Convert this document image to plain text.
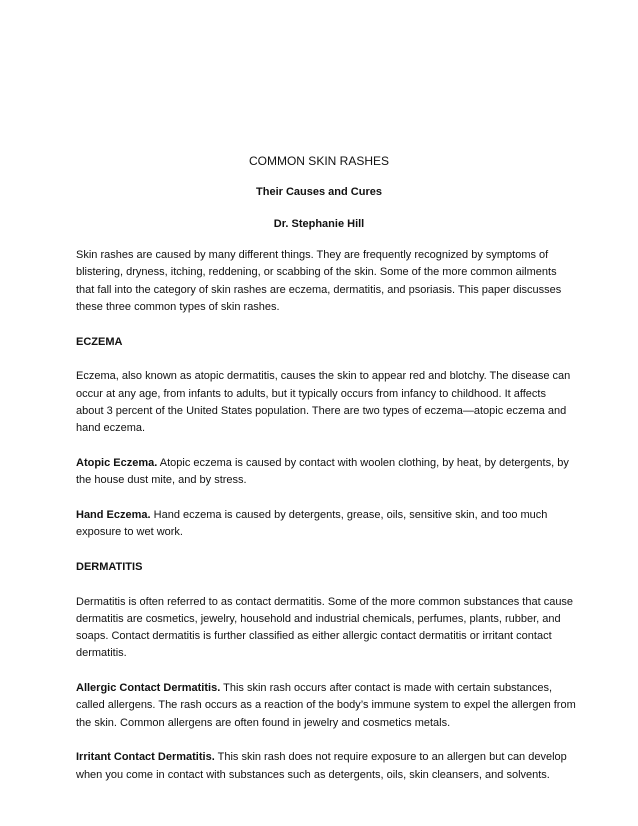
COMMON SKIN RASHES
Their Causes and Cures
Dr. Stephanie Hill

Skin rashes are caused by many different things. They are frequently recognized by symptoms of blistering, dryness, itching, reddening, or scabbing of the skin. Some of the more common ailments that fall into the category of skin rashes are eczema, dermatitis, and psoriasis. This paper discusses these three common types of skin rashes.

ECZEMA

Eczema, also known as atopic dermatitis, causes the skin to appear red and blotchy. The disease can occur at any age, from infants to adults, but it typically occurs from infancy to childhood. It affects about 3 percent of the United States population. There are two types of eczema—atopic eczema and hand eczema.

Atopic Eczema. Atopic eczema is caused by contact with woolen clothing, by heat, by detergents, by the house dust mite, and by stress.

Hand Eczema. Hand eczema is caused by detergents, grease, oils, sensitive skin, and too much exposure to wet work.

DERMATITIS

Dermatitis is often referred to as contact dermatitis. Some of the more common substances that cause dermatitis are cosmetics, jewelry, household and industrial chemicals, perfumes, plants, rubber, and soaps. Contact dermatitis is further classified as either allergic contact dermatitis or irritant contact dermatitis.

Allergic Contact Dermatitis. This skin rash occurs after contact is made with certain substances, called allergens. The rash occurs as a reaction of the body’s immune system to expel the allergen from the skin. Common allergens are often found in jewelry and cosmetics metals.

Irritant Contact Dermatitis. This skin rash does not require exposure to an allergen but can develop when you come in contact with substances such as detergents, oils, skin cleansers, and solvents.
